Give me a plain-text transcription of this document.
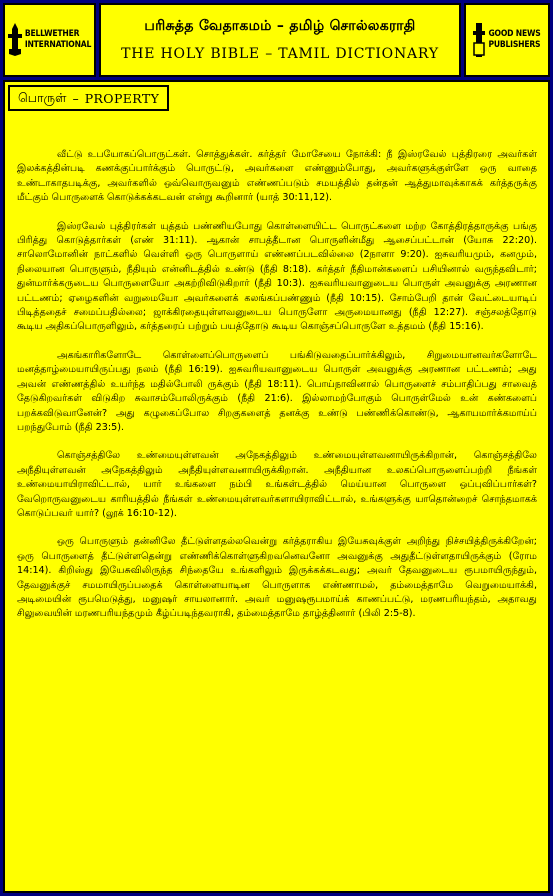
BELLWETHER
INTERNATIONAL
பரிசுத்த வேதாகமம் – தமிழ் சொல்லகராதி
THE HOLY BIBLE – TAMIL DICTIONARY
GOOD NEWS
PUBLISHERS
பொருள் – PROPERTY

வீட்டு உபயோகப்பொருட்கள். சொத்துக்கள். கர்த்தர் மோசேயை நோக்கி: நீ இஸ்ரவேல் புத்திரரை அவர்கள் இலக்கத்தின்படி கணக்குப்பார்க்கும் பொருட்டு, அவர்களை எண்ணும்போது, அவர்களுக்குள்ளே ஒரு வாதை உண்டாகாதபடிக்கு, அவர்களில் ஒவ்வொருவனும் எண்ணப்படும் சமயத்தில் தன்தன் ஆத்துமாவுக்காகக் கர்த்தருக்கு மீட்கும் பொருளைக் கொடுக்கக்கடவன் என்று கூறினார் (யாத் 30:11,12).

இஸ்ரவேல் புத்திரர்கள் யுத்தம் பண்ணியபோது கொள்ளையிட்ட பொருட்களை மற்ற கோத்திரத்தாருக்கு பங்கு பிரித்து கொடுத்தார்கள் (எண் 31:11). ஆகான் சாபத்தீடான பொருளின்மீது ஆசைப்பட்டான் (யோசு 22:20). சாலொமோனின் நாட்களில் வெள்ளி ஒரு பொருளாய் எண்ணப்படவில்லை (2நாளா 9:20). ஐசுவரியமும், கனமும், நிலையான பொருளும், நீதியும் என்னிடத்தில் உண்டு (நீதி 8:18). கர்த்தர் நீதிமான்களைப் பசியினால் வருந்தவிடார்; துன்மார்க்கருடைய பொருளையோ அகற்றிவிடுகிறார் (நீதி 10:3). ஐசுவரியவானுடைய பொருள் அவனுக்கு அரணான பட்டணம்; ஏழைகளின் வறுமையோ அவர்களைக் கலங்கப்பண்ணும் (நீதி 10:15). சோம்பேறி தான் வேட்டையாடிப் பிடித்ததைச் சமைப்பதில்லை; ஜாக்கிரதையுள்ளவனுடைய பொருளோ அருமையானது (நீதி 12:27). சஞ்சலத்தோடு கூடிய அதிகப்பொருளிலும், கர்த்தரைப் பற்றும் பயத்தோடு கூடிய கொஞ்சப்பொருளே உத்தமம் (நீதி 15:16).

அகங்காரிகளோடே கொள்ளைப்பொருளைப் பங்கிடுவதைப்பார்க்கிலும், சிறுமையானவர்களோடே மனத்தாழ்மையாயிருப்பது நலம் (நீதி 16:19). ஐசுவரியவானுடைய பொருள் அவனுக்கு அரணான பட்டணம்; அது அவன் எண்ணத்தில் உயர்ந்த மதில்போலி ருக்கும் (நீதி 18:11). பொய்நாவினால் பொருளைச் சம்பாதிப்பது சாவைத் தேடுகிறவர்கள் விடுகிற சுவாசம்போலிருக்கும் (நீதி 21:6). இல்லாமற்போகும் பொருள்மேல் உன் கண்களைப் பறக்கவிடுவானேன்? அது கழுகைப்போல சிறகுகளைத் தனக்கு உண்டு பண்ணிக்கொண்டு, ஆகாயமார்க்கமாய்ப் பறந்துபோம் (நீதி 23:5).

கொஞ்சத்திலே உண்மையுள்ளவன் அநேகத்திலும் உண்மையுள்ளவனாயிருக்கிறான், கொஞ்சத்திலே அநீதியுள்ளவன் அநேகத்திலும் அநீதியுள்ளவனாயிருக்கிறான். அநீதியான உலகப்பொருளைப்பற்றி நீங்கள் உண்மையாயிராவிட்டால், யார் உங்களை நம்பி உங்கள்டத்தில் மெய்யான பொருளை ஒப்புவிப்பார்கள்? வேறொருவனுடைய காரியத்தில் நீங்கள் உண்மையுள்ளவர்களாயிராவிட்டால், உங்களுக்கு யாதொன்றைச் சொந்தமாகக் கொடுப்பவர் யார்? (லூக் 16:10-12).

ஒரு பொருளும் தன்னிலே தீட்டுள்ளதல்லவென்று கர்த்தராகிய இயேசுவுக்குள் அறிந்து நிச்சயித்திருக்கிறேன்; ஒரு பொருளைத் தீட்டுள்ளதென்று எண்ணிக்கொள்ளுகிறவனெவனோ அவனுக்கு அதுதீட்டுள்ளதாயிருக்கும் (ரோம 14:14). கிறிஸ்து இயேசுவிலிருந்த சிந்தையே உங்களிலும் இருக்கக்கடவது; அவர் தேவனுடைய ரூபமாயிருந்தும், தேவனுக்குச் சமமாயிருப்பதைக் கொள்ளையாடின பொருளாக எண்ணாமல், தம்மைத்தாமே வெறுமையாக்கி, அடிமையின் ரூபமெடுத்து, மனுஷர் சாயலானார். அவர் மனுஷரூபமாய்க் காணப்பட்டு, மரணபரியந்தம், அதாவது சிலுவையின் மரணபரியந்தமும் கீழ்ப்படிந்தவராகி, தம்மைத்தாமே தாழ்த்தினார் (பிலி 2:5-8).
